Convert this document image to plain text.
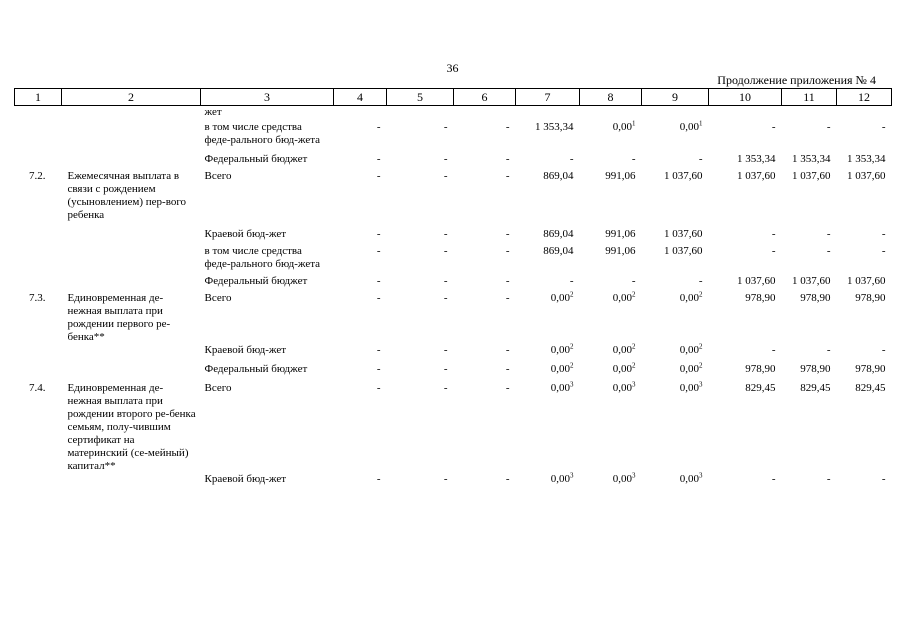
36
Продолжение приложения № 4
1	2	3	4	5	6	7	8	9	10	11	12
		жет									
		в том числе средства феде-рального бюд-жета	-	-	-	1 353,34	0,00$^1$	0,00$^1$	-	-	-
		Федеральный бюджет	-	-	-	-	-	-	1 353,34	1 353,34	1 353,34
7.2.	Ежемесячная выплата в связи с рождением (усыновлением) пер-вого ребенка	Всего	-	-	-	869,04	991,06	1 037,60	1 037,60	1 037,60	1 037,60
		Краевой бюд-жет	-	-	-	869,04	991,06	1 037,60	-	-	-
		в том числе средства феде-рального бюд-жета	-	-	-	869,04	991,06	1 037,60	-	-	-
		Федеральный бюджет	-	-	-	-	-	-	1 037,60	1 037,60	1 037,60
7.3.	Единовременная де-нежная выплата при рождении первого ре-бенка**	Всего	-	-	-	0,00$^2$	0,00$^2$	0,00$^2$	978,90	978,90	978,90
		Краевой бюд-жет	-	-	-	0,00$^2$	0,00$^2$	0,00$^2$	-	-	-
		Федеральный бюджет	-	-	-	0,00$^2$	0,00$^2$	0,00$^2$	978,90	978,90	978,90
7.4.	Единовременная де-нежная выплата при рождении второго ре-бенка семьям, полу-чившим сертификат на материнский (се-мейный) капитал**	Всего	-	-	-	0,00$^3$	0,00$^3$	0,00$^3$	829,45	829,45	829,45
		Краевой бюд-жет	-	-	-	0,00$^3$	0,00$^3$	0,00$^3$	-	-	-
